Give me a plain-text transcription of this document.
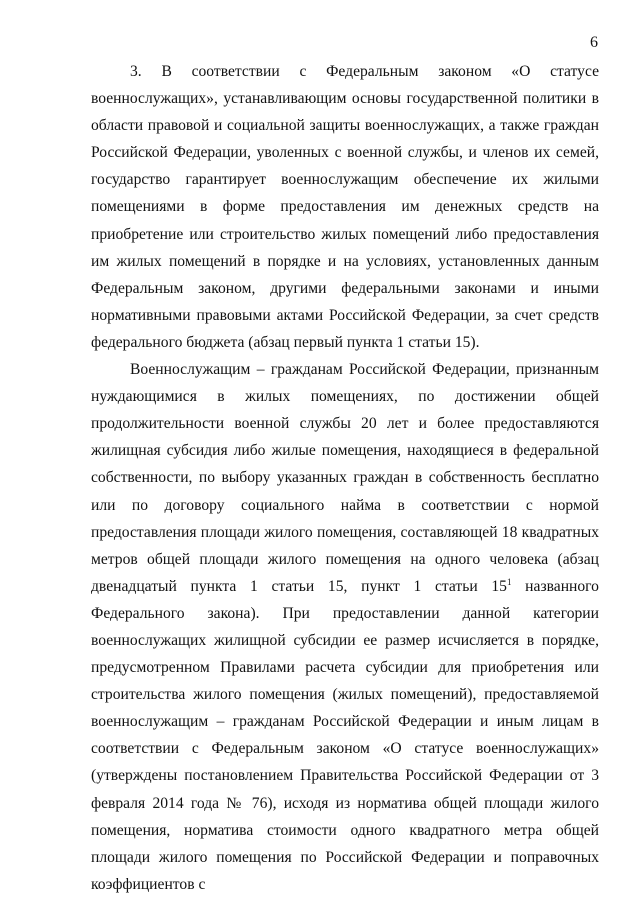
6

3. В соответствии с Федеральным законом «О статусе военнослужащих», устанавливающим основы государственной политики в области правовой и социальной защиты военнослужащих, а также граждан Российской Федерации, уволенных с военной службы, и членов их семей, государство гарантирует военнослужащим обеспечение их жилыми помещениями в форме предоставления им денежных средств на приобретение или строительство жилых помещений либо предоставления им жилых помещений в порядке и на условиях, установленных данным Федеральным законом, другими федеральными законами и иными нормативными правовыми актами Российской Федерации, за счет средств федерального бюджета (абзац первый пункта 1 статьи 15).

Военнослужащим – гражданам Российской Федерации, признанным нуждающимися в жилых помещениях, по достижении общей продолжительности военной службы 20 лет и более предоставляются жилищная субсидия либо жилые помещения, находящиеся в федеральной собственности, по выбору указанных граждан в собственность бесплатно или по договору социального найма в соответствии с нормой предоставления площади жилого помещения, составляющей 18 квадратных метров общей площади жилого помещения на одного человека (абзац двенадцатый пункта 1 статьи 15, пункт 1 статьи 15$^1$ названного Федерального закона). При предоставлении данной категории военнослужащих жилищной субсидии ее размер исчисляется в порядке, предусмотренном Правилами расчета субсидии для приобретения или строительства жилого помещения (жилых помещений), предоставляемой военнослужащим – гражданам Российской Федерации и иным лицам в соответствии с Федеральным законом «О статусе военнослужащих» (утверждены постановлением Правительства Российской Федерации от 3 февраля 2014 года № 76), исходя из норматива общей площади жилого помещения, норматива стоимости одного квадратного метра общей площади жилого помещения по Российской Федерации и поправочных коэффициентов с
